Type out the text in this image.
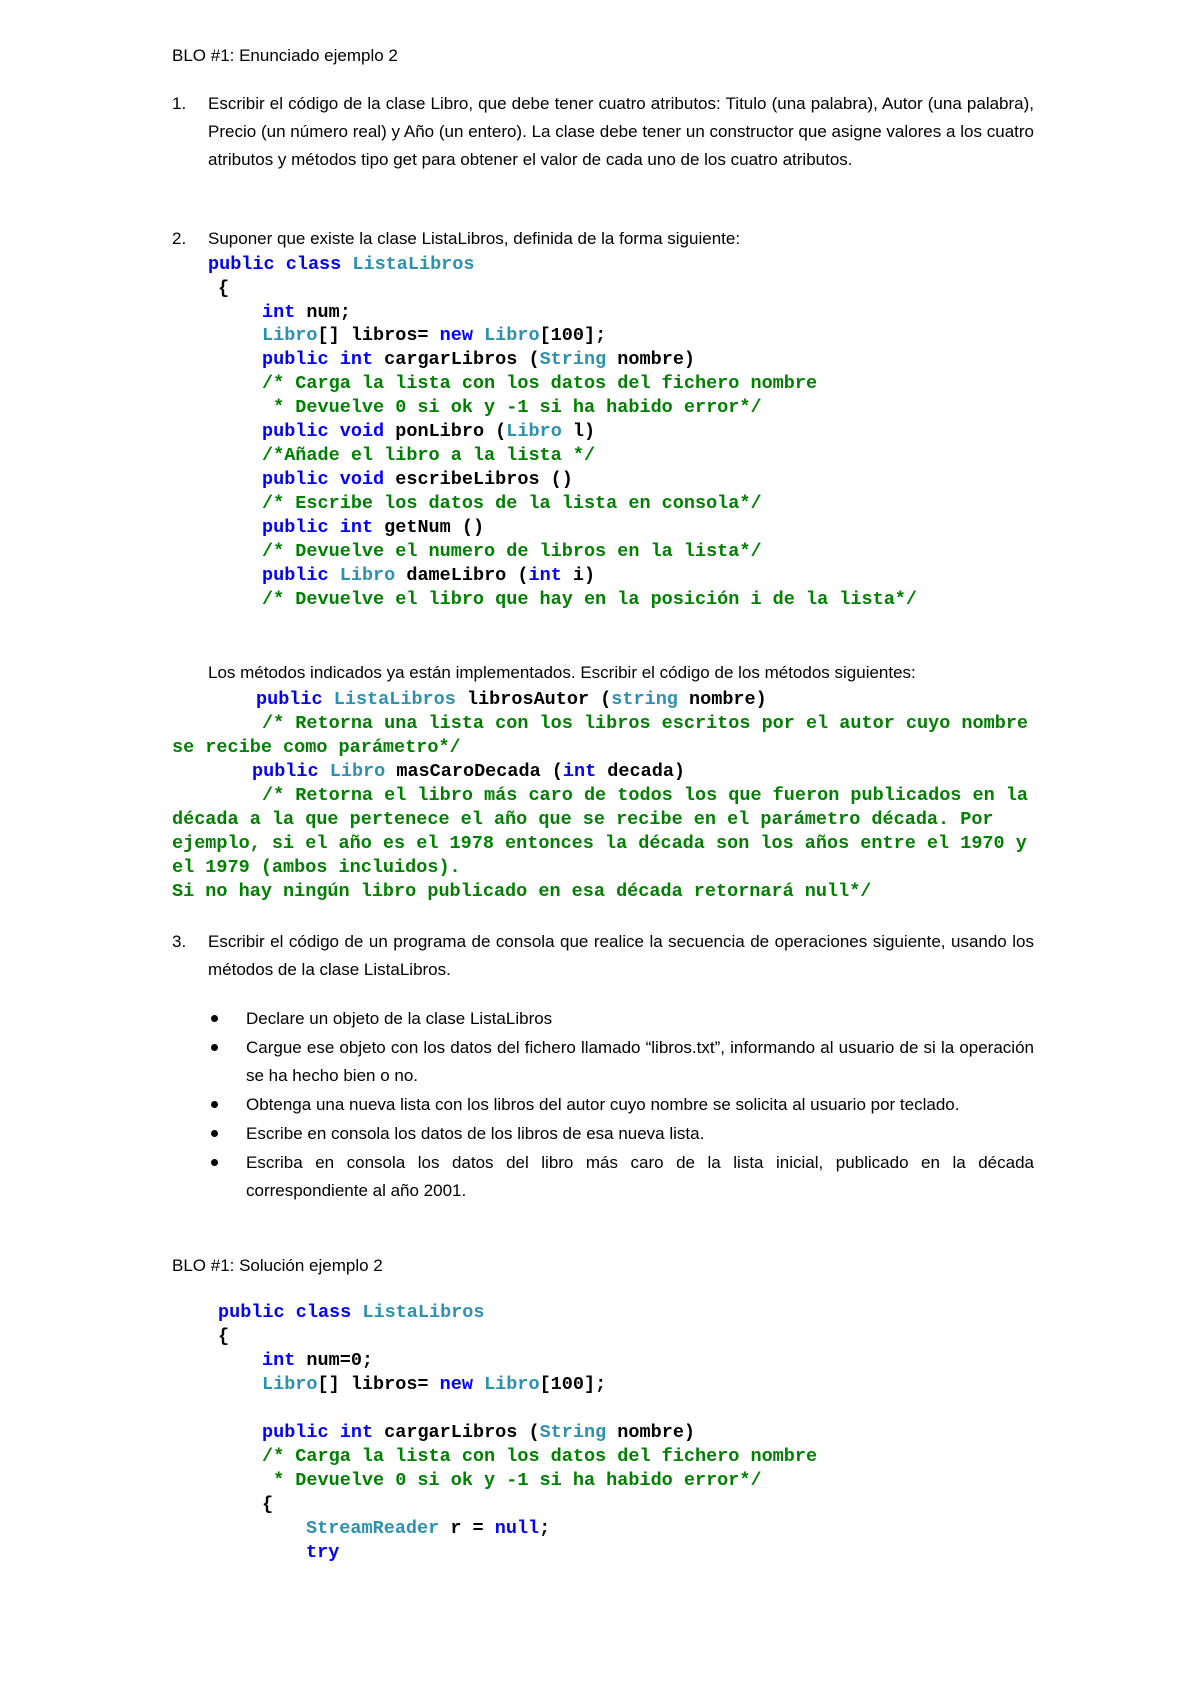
BLO #1: Enunciado ejemplo 2
1. Escribir el código de la clase Libro, que debe tener cuatro atributos: Titulo (una palabra), Autor (una palabra), Precio (un número real) y Año (un entero). La clase debe tener un constructor que asigne valores a los cuatro atributos y métodos tipo get para obtener el valor de cada uno de los cuatro atributos.
2. Suponer que existe la clase ListaLibros, definida de la forma siguiente:
public class ListaLibros
{
int num;
Libro[] libros= new Libro[100];
public int cargarLibros (String nombre)
/* Carga la lista con los datos del fichero nombre
* Devuelve 0 si ok y -1 si ha habido error*/
public void ponLibro (Libro l)
/*Añade el libro a la lista */
public void escribeLibros ()
/* Escribe los datos de la lista en consola*/
public int getNum ()
/* Devuelve el numero de libros en la lista*/
public Libro dameLibro (int i)
/* Devuelve el libro que hay en la posición i de la lista*/
Los métodos indicados ya están implementados. Escribir el código de los métodos siguientes:
public ListaLibros librosAutor (string nombre)
/* Retorna una lista con los libros escritos por el autor cuyo nombre
se recibe como parámetro*/
public Libro masCaroDecada (int decada)
/* Retorna el libro más caro de todos los que fueron publicados en la
década a la que pertenece el año que se recibe en el parámetro década. Por
ejemplo, si el año es el 1978 entonces la década son los años entre el 1970 y
el 1979 (ambos incluidos).
Si no hay ningún libro publicado en esa década retornará null*/
3. Escribir el código de un programa de consola que realice la secuencia de operaciones siguiente, usando los métodos de la clase ListaLibros.
Declare un objeto de la clase ListaLibros
Cargue ese objeto con los datos del fichero llamado “libros.txt”, informando al usuario de si la operación se ha hecho bien o no.
Obtenga una nueva lista con los libros del autor cuyo nombre se solicita al usuario por teclado.
Escribe en consola los datos de los libros de esa nueva lista.
Escriba en consola los datos del libro más caro de la lista inicial, publicado en la década correspondiente al año 2001.
BLO #1: Solución ejemplo 2
public class ListaLibros
{
int num=0;
Libro[] libros= new Libro[100];
public int cargarLibros (String nombre)
/* Carga la lista con los datos del fichero nombre
* Devuelve 0 si ok y -1 si ha habido error*/
{
StreamReader r = null;
try
